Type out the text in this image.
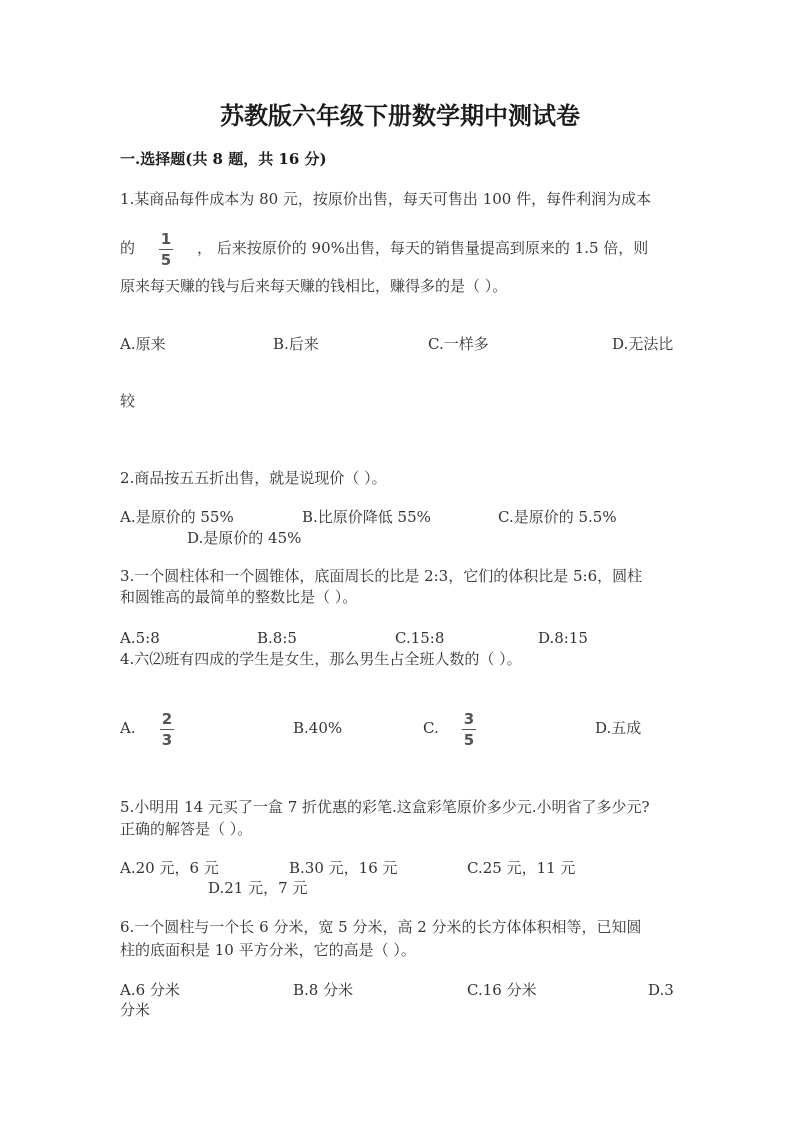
苏教版六年级下册数学期中测试卷
一.选择题(共 8 题，共 16 分)
1.某商品每件成本为 80 元，按原价出售，每天可售出 100 件，每件利润为成本
的 1
5
， 后来按原价的 90%出售，每天的销售量提高到原来的 1.5 倍，则
原来每天赚的钱与后来每天赚的钱相比，赚得多的是（ ）。
A.原来	B.后来	C.一样多	D.无法比
较
2.商品按五五折出售，就是说现价（ ）。
A.是原价的 55%	B.比原价降低 55%	C.是原价的 5.5%
D.是原价的 45%
3.一个圆柱体和一个圆锥体，底面周长的比是 2:3，它们的体积比是 5:6，圆柱
和圆锥高的最简单的整数比是（ ）。
A.5:8	B.8:5	C.15:8	D.8:15
4.六⑵班有四成的学生是女生，那么男生占全班人数的（ ）。
A. 2
3
B.40%	C. 3
5
D.五成
5.小明用 14 元买了一盒 7 折优惠的彩笔.这盒彩笔原价多少元.小明省了多少元?
正确的解答是（ ）。
A.20 元，6 元	B.30 元，16 元	C.25 元，11 元
D.21 元，7 元
6.一个圆柱与一个长 6 分米，宽 5 分米，高 2 分米的长方体体积相等，已知圆
柱的底面积是 10 平方分米，它的高是（ ）。
A.6 分米	B.8 分米	C.16 分米	D.3
分米
